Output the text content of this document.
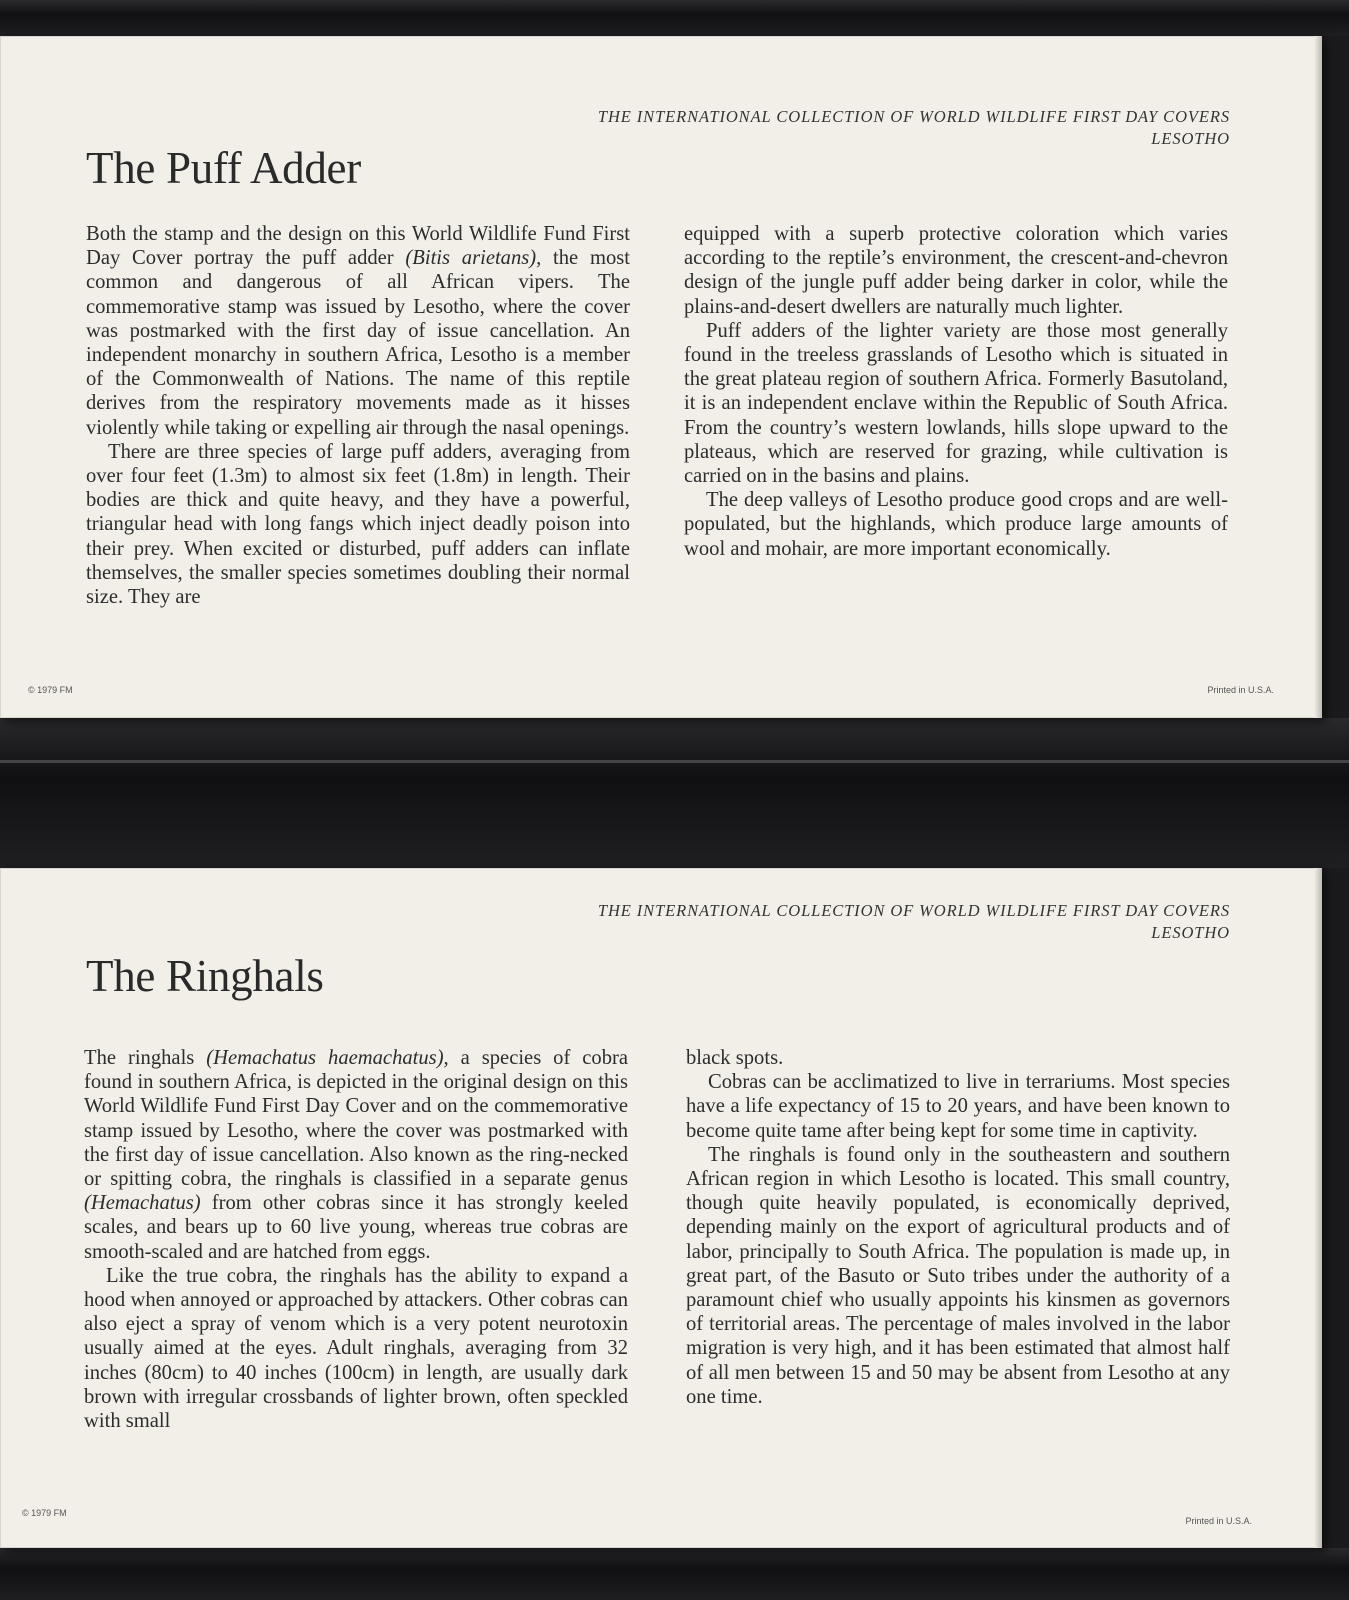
THE INTERNATIONAL COLLECTION OF WORLD WILDLIFE FIRST DAY COVERS
LESOTHO
The Puff Adder

Both the stamp and the design on this World Wildlife Fund First Day Cover portray the puff adder (Bitis arietans), the most common and dangerous of all African vipers. The commemorative stamp was issued by Lesotho, where the cover was postmarked with the first day of issue cancellation. An independent monarchy in southern Africa, Lesotho is a member of the Commonwealth of Nations. The name of this reptile derives from the respiratory movements made as it hisses violently while taking or expelling air through the nasal openings.

There are three species of large puff adders, averaging from over four feet (1.3m) to almost six feet (1.8m) in length. Their bodies are thick and quite heavy, and they have a powerful, triangular head with long fangs which inject deadly poison into their prey. When excited or disturbed, puff adders can inflate themselves, the smaller species sometimes doubling their normal size. They are

equipped with a superb protective coloration which varies according to the reptile’s environment, the crescent-and-chevron design of the jungle puff adder being darker in color, while the plains-and-desert dwellers are naturally much lighter.

Puff adders of the lighter variety are those most generally found in the treeless grasslands of Lesotho which is situated in the great plateau region of southern Africa. Formerly Basutoland, it is an independent enclave within the Republic of South Africa. From the country’s western lowlands, hills slope upward to the plateaus, which are reserved for grazing, while cultivation is carried on in the basins and plains.

The deep valleys of Lesotho produce good crops and are well-populated, but the highlands, which produce large amounts of wool and mohair, are more important economically.

© 1979 FM	Printed in U.S.A.
THE INTERNATIONAL COLLECTION OF WORLD WILDLIFE FIRST DAY COVERS
LESOTHO
The Ringhals

The ringhals (Hemachatus haemachatus), a species of cobra found in southern Africa, is depicted in the original design on this World Wildlife Fund First Day Cover and on the commemorative stamp issued by Lesotho, where the cover was postmarked with the first day of issue cancellation. Also known as the ring-necked or spitting cobra, the ringhals is classified in a separate genus (Hemachatus) from other cobras since it has strongly keeled scales, and bears up to 60 live young, whereas true cobras are smooth-scaled and are hatched from eggs.

Like the true cobra, the ringhals has the ability to expand a hood when annoyed or approached by attackers. Other cobras can also eject a spray of venom which is a very potent neurotoxin usually aimed at the eyes. Adult ringhals, averaging from 32 inches (80cm) to 40 inches (100cm) in length, are usually dark brown with irregular crossbands of lighter brown, often speckled with small

black spots.

Cobras can be acclimatized to live in terrariums. Most species have a life expectancy of 15 to 20 years, and have been known to become quite tame after being kept for some time in captivity.

The ringhals is found only in the southeastern and southern African region in which Lesotho is located. This small country, though quite heavily populated, is economically deprived, depending mainly on the export of agricultural products and of labor, principally to South Africa. The population is made up, in great part, of the Basuto or Suto tribes under the authority of a paramount chief who usually appoints his kinsmen as governors of territorial areas. The percentage of males involved in the labor migration is very high, and it has been estimated that almost half of all men between 15 and 50 may be absent from Lesotho at any one time.

© 1979 FM
Printed in U.S.A.
